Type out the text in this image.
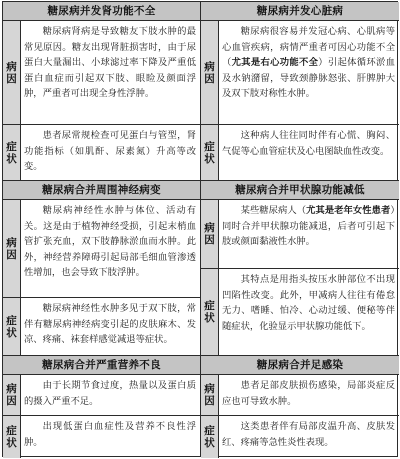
糖尿病并发肾功能不全
病因
糖尿病肾病是导致糖友下肢水肿的最常见原因。糖友出现肾脏损害时，由于尿蛋白大量漏出、小球滤过率下降及严重低蛋白血症而引起双下肢、眼睑及颜面浮肿，严重者可出现全身性浮肿。
症状
患者尿常规检查可见蛋白与管型，肾功能指标（如肌酐、尿素氮）升高等改变。
糖尿病合并周围神经病变
病因
糖尿病神经性水肿与体位、活动有关。这是由于植物神经受损，引起末梢血管扩张充血，双下肢静脉淤血而水肿。此外，神经营养障碍引起局部毛细血管渗透性增加，也会导致下肢浮肿。
症状
糖尿病神经性水肿多见于双下肢，常伴有糖尿病神经病变引起的皮肤麻木、发凉、疼痛、袜套样感觉减退等症状。
糖尿病合并严重营养不良
病因
由于长期节食过度，热量以及蛋白质的摄入严重不足。
症状
出现低蛋白血症性及营养不良性浮肿。
糖尿病并发心脏病
病因
糖尿病很容易并发冠心病、心肌病等心血管疾病，病情严重者可因心功能不全（尤其是右心功能不全）引起体循环淤血及水钠潴留，导致颈静脉怒张、肝脾肿大及双下肢对称性水肿。
症状
这种病人往往同时伴有心慌、胸闷、气促等心血管症状及心电图缺血性改变。
糖尿病合并甲状腺功能减低
病因
某些糖尿病人（尤其是老年女性患者）同时合并甲状腺功能减退，后者可引起下肢或颜面黏液性水肿。
症状
其特点是用指头按压水肿部位不出现凹陷性改变。此外，甲减病人往往有倦怠无力、嗜睡、怕冷、心动过缓、便秘等伴随症状，化验显示甲状腺功能低下。
糖尿病合并足感染
病因
患者足部皮肤损伤感染，局部炎症反应也可导致水肿。
症状
这类患者伴有局部皮温升高、皮肤发红、疼痛等急性炎性表现。
